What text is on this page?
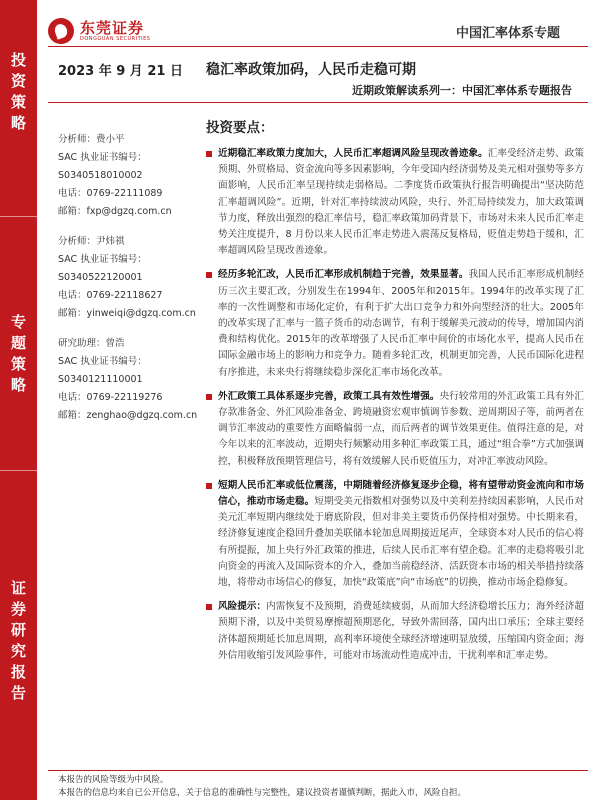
投
资
策
略
专
题
策
略
证
券
研
究
报
告
东莞证券
DONGGUAN SECURITIES	中国汇率体系专题
2023 年 9 月 21 日 稳汇率政策加码，人民币走稳可期
近期政策解读系列一：中国汇率体系专题报告
分析师：费小平
SAC 执业证书编号：
S0340518010002
电话：0769-22111089
邮箱：fxp@dgzq.com.cn
分析师：尹炜祺
SAC 执业证书编号：
S0340522120001
电话：0769-22118627
邮箱：yinweiqi@dgzq.com.cn
研究助理：曾浩
SAC 执业证书编号：
S0340121110001
电话：0769-22119276
邮箱：zenghao@dgzq.com.cn
投资要点：
近期稳汇率政策力度加大，人民币汇率超调风险呈现改善迹象。汇率受经济走势、政策预期、外贸格局、资金流向等多因素影响，今年受国内经济弱势及美元相对强势等多方面影响，人民币汇率呈现持续走弱格局。二季度货币政策执行报告明确提出“坚决防范汇率超调风险”。近期，针对汇率持续波动风险，央行、外汇局持续发力，加大政策调节力度，释放出强烈的稳汇率信号，稳汇率政策加码背景下，市场对未来人民币汇率走势关注度提升，8 月份以来人民币汇率走势进入震荡反复格局，贬值走势趋于缓和，汇率超调风险呈现改善迹象。
经历多轮汇改，人民币汇率形成机制趋于完善，效果显著。我国人民币汇率形成机制经历三次主要汇改，分别发生在1994年、2005年和2015年。1994年的改革实现了汇率的一次性调整和市场化定价，有利于扩大出口竞争力和外向型经济的壮大。2005年的改革实现了汇率与一篮子货币的动态调节，有利于缓解美元波动的传导，增加国内消费和结构优化。2015年的改革增强了人民币汇率中间价的市场化水平，提高人民币在国际金融市场上的影响力和竞争力。随着多轮汇改，机制更加完善，人民币国际化进程有序推进，未来央行将继续稳步深化汇率市场化改革。
外汇政策工具体系逐步完善，政策工具有效性增强。央行较常用的外汇政策工具有外汇存款准备金、外汇风险准备金、跨境融资宏观审慎调节参数、逆周期因子等，前两者在调节汇率波动的重要性方面略偏弱一点，而后两者的调节效果更佳。值得注意的是，对今年以来的汇率波动，近期央行频繁动用多种汇率政策工具，通过“组合拳”方式加强调控，积极释放预期管理信号，将有效缓解人民币贬值压力，对冲汇率波动风险。
短期人民币汇率或低位震荡，中期随着经济修复逐步企稳，将有望带动资金流向和市场信心，推动市场走稳。短期受美元指数相对强势以及中美利差持续因素影响，人民币对美元汇率短期内继续处于磨底阶段，但对非美主要货币仍保持相对强势。中长期来看，经济修复速度企稳回升叠加美联储本轮加息周期接近尾声，全球资本对人民币的信心将有所提振，加上央行外汇政策的推进，后续人民币汇率有望企稳。汇率的走稳将吸引北向资金的再流入及国际资本的介入，叠加当前稳经济、活跃资本市场的相关举措持续落地，将带动市场信心的修复，加快“政策底”向“市场底”的切换，推动市场企稳修复。
风险提示：内需恢复不及预期，消费延续疲弱，从而加大经济稳增长压力；海外经济超预期下滑，以及中美贸易摩擦超预期恶化，导致外需回落，国内出口承压；全球主要经济体超预期延长加息周期，高利率环境使全球经济增速明显放缓，压缩国内资金面；海外信用收缩引发风险事件，可能对市场流动性造成冲击，干扰利率和汇率走势。
本报告的风险等级为中风险。
本报告的信息均来自已公开信息，关于信息的准确性与完整性，建议投资者谨慎判断，据此入市，风险自担。
